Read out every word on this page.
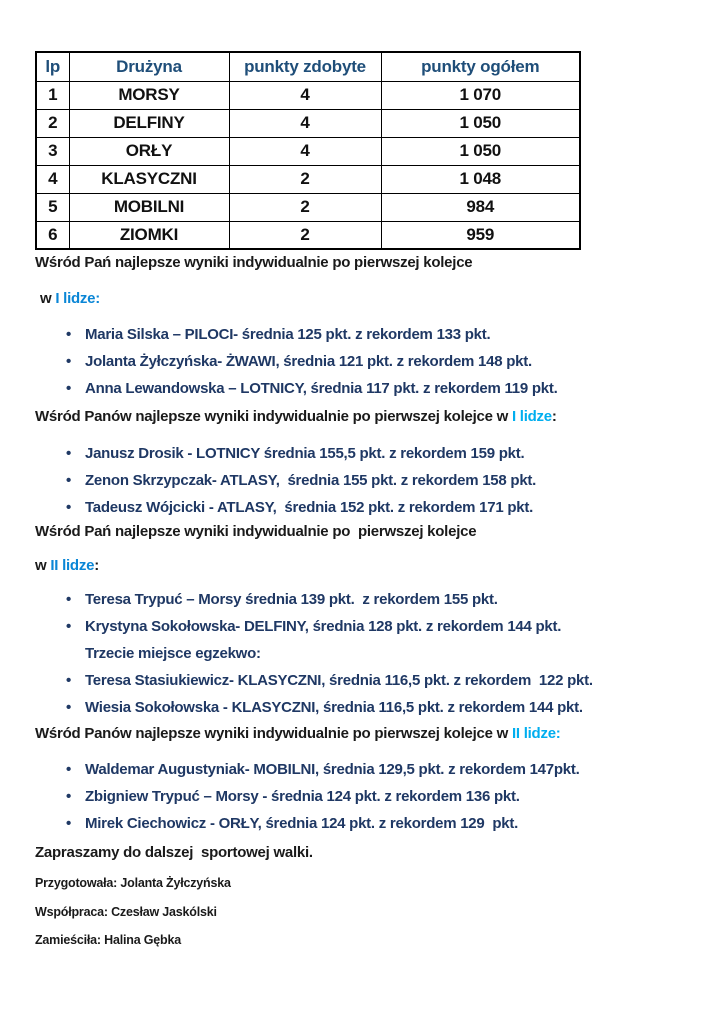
lp	Drużyna	punkty zdobyte	punkty ogółem
1	MORSY	4	1 070
2	DELFINY	4	1 050
3	ORŁY	4	1 050
4	KLASYCZNI	2	1 048
5	MOBILNI	2	984
6	ZIOMKI	2	959

Wśród Pań najlepsze wyniki indywidualnie po pierwszej kolejce

w I lidze:

• Maria Silska – PILOCI- średnia 125 pkt. z rekordem 133 pkt.
• Jolanta Żyłczyńska- ŻWAWI, średnia 121 pkt. z rekordem 148 pkt.
• Anna Lewandowska – LOTNICY, średnia 117 pkt. z rekordem 119 pkt.

Wśród Panów najlepsze wyniki indywidualnie po pierwszej kolejce w I lidze:

• Janusz Drosik - LOTNICY średnia 155,5 pkt. z rekordem 159 pkt.
• Zenon Skrzypczak- ATLASY,  średnia 155 pkt. z rekordem 158 pkt.
• Tadeusz Wójcicki - ATLASY,  średnia 152 pkt. z rekordem 171 pkt.

Wśród Pań najlepsze wyniki indywidualnie po  pierwszej kolejce

w II lidze:

• Teresa Trypuć – Morsy średnia 139 pkt.  z rekordem 155 pkt.
• Krystyna Sokołowska- DELFINY, średnia 128 pkt. z rekordem 144 pkt.
Trzecie miejsce egzekwo:
• Teresa Stasiukiewicz- KLASYCZNI, średnia 116,5 pkt. z rekordem  122 pkt.
• Wiesia Sokołowska - KLASYCZNI, średnia 116,5 pkt. z rekordem 144 pkt.

Wśród Panów najlepsze wyniki indywidualnie po pierwszej kolejce w II lidze:

• Waldemar Augustyniak- MOBILNI, średnia 129,5 pkt. z rekordem 147pkt.
• Zbigniew Trypuć – Morsy - średnia 124 pkt. z rekordem 136 pkt.
• Mirek Ciechowicz - ORŁY, średnia 124 pkt. z rekordem 129  pkt.

Zapraszamy do dalszej  sportowej walki.

Przygotowała: Jolanta Żyłczyńska

Współpraca: Czesław Jaskólski

Zamieściła: Halina Gębka
